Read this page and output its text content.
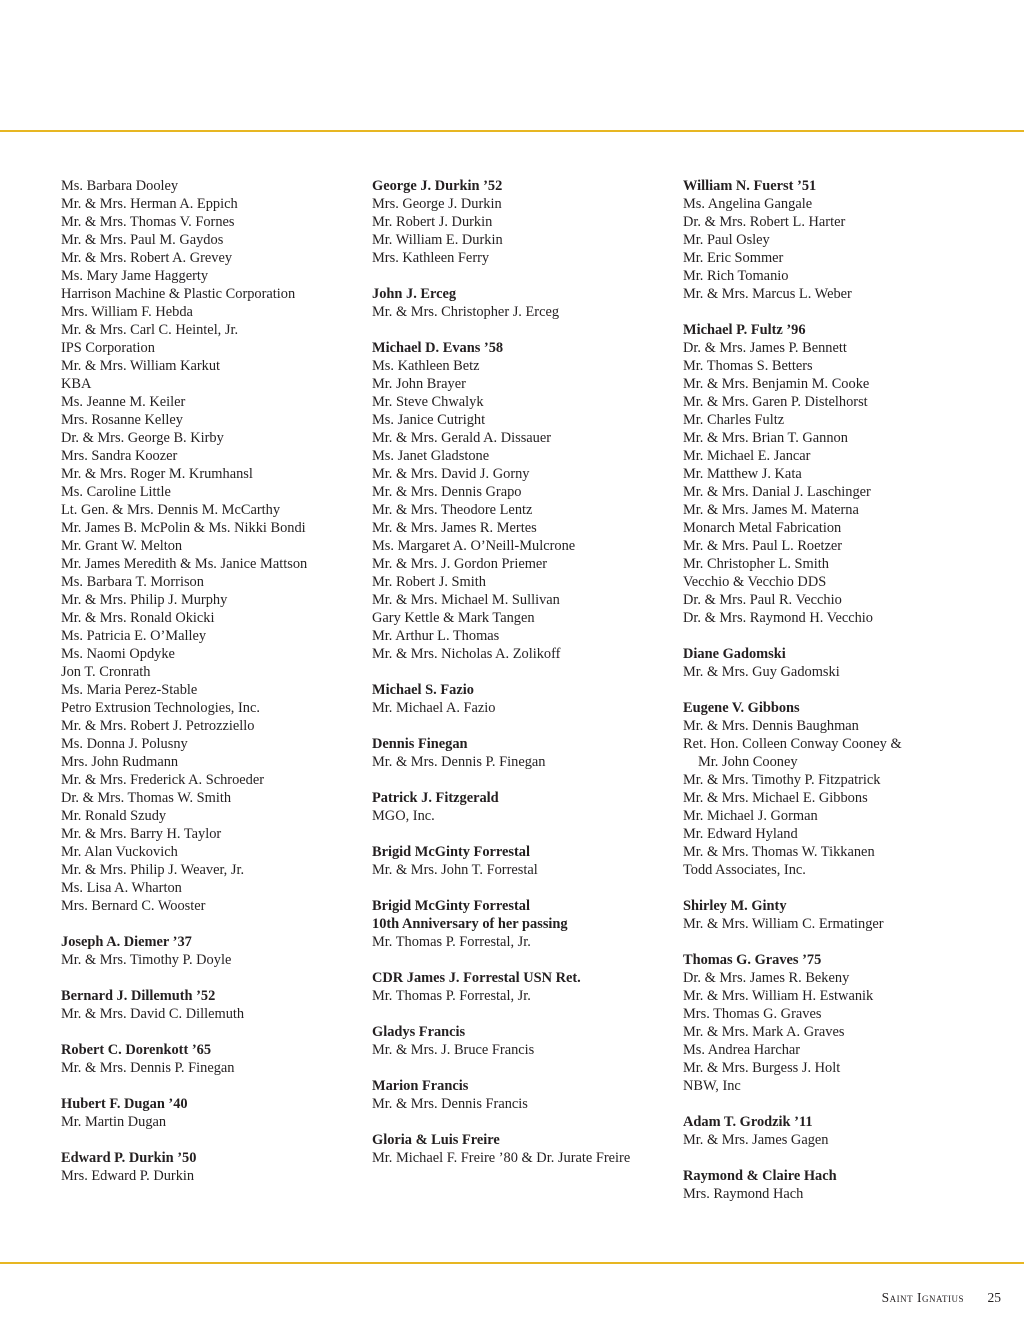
Ms. Barbara Dooley
Mr. & Mrs. Herman A. Eppich
Mr. & Mrs. Thomas V. Fornes
Mr. & Mrs. Paul M. Gaydos
Mr. & Mrs. Robert A. Grevey
Ms. Mary Jame Haggerty
Harrison Machine & Plastic Corporation
Mrs. William F. Hebda
Mr. & Mrs. Carl C. Heintel, Jr.
IPS Corporation
Mr. & Mrs. William Karkut
KBA
Ms. Jeanne M. Keiler
Mrs. Rosanne Kelley
Dr. & Mrs. George B. Kirby
Mrs. Sandra Koozer
Mr. & Mrs. Roger M. Krumhansl
Ms. Caroline Little
Lt. Gen. & Mrs. Dennis M. McCarthy
Mr. James B. McPolin & Ms. Nikki Bondi
Mr. Grant W. Melton
Mr. James Meredith & Ms. Janice Mattson
Ms. Barbara T. Morrison
Mr. & Mrs. Philip J. Murphy
Mr. & Mrs. Ronald Okicki
Ms. Patricia E. O’Malley
Ms. Naomi Opdyke
Jon T. Cronrath
Ms. Maria Perez-Stable
Petro Extrusion Technologies, Inc.
Mr. & Mrs. Robert J. Petrozziello
Ms. Donna J. Polusny
Mrs. John Rudmann
Mr. & Mrs. Frederick A. Schroeder
Dr. & Mrs. Thomas W. Smith
Mr. Ronald Szudy
Mr. & Mrs. Barry H. Taylor
Mr. Alan Vuckovich
Mr. & Mrs. Philip J. Weaver, Jr.
Ms. Lisa A. Wharton
Mrs. Bernard C. Wooster
Joseph A. Diemer ’37
Mr. & Mrs. Timothy P. Doyle
Bernard J. Dillemuth ’52
Mr. & Mrs. David C. Dillemuth
Robert C. Dorenkott ’65
Mr. & Mrs. Dennis P. Finegan
Hubert F. Dugan ’40
Mr. Martin Dugan
Edward P. Durkin ’50
Mrs. Edward P. Durkin
George J. Durkin ’52
Mrs. George J. Durkin
Mr. Robert J. Durkin
Mr. William E. Durkin
Mrs. Kathleen Ferry
John J. Erceg
Mr. & Mrs. Christopher J. Erceg
Michael D. Evans ’58
Ms. Kathleen Betz
Mr. John Brayer
Mr. Steve Chwalyk
Ms. Janice Cutright
Mr. & Mrs. Gerald A. Dissauer
Ms. Janet Gladstone
Mr. & Mrs. David J. Gorny
Mr. & Mrs. Dennis Grapo
Mr. & Mrs. Theodore Lentz
Mr. & Mrs. James R. Mertes
Ms. Margaret A. O’Neill-Mulcrone
Mr. & Mrs. J. Gordon Priemer
Mr. Robert J. Smith
Mr. & Mrs. Michael M. Sullivan
Gary Kettle & Mark Tangen
Mr. Arthur L. Thomas
Mr. & Mrs. Nicholas A. Zolikoff
Michael S. Fazio
Mr. Michael A. Fazio
Dennis Finegan
Mr. & Mrs. Dennis P. Finegan
Patrick J. Fitzgerald
MGO, Inc.
Brigid McGinty Forrestal
Mr. & Mrs. John T. Forrestal
Brigid McGinty Forrestal
10th Anniversary of her passing
Mr. Thomas P. Forrestal, Jr.
CDR James J. Forrestal USN Ret.
Mr. Thomas P. Forrestal, Jr.
Gladys Francis
Mr. & Mrs. J. Bruce Francis
Marion Francis
Mr. & Mrs. Dennis Francis
Gloria & Luis Freire
Mr. Michael F. Freire ’80 & Dr. Jurate Freire
William N. Fuerst ’51
Ms. Angelina Gangale
Dr. & Mrs. Robert L. Harter
Mr. Paul Osley
Mr. Eric Sommer
Mr. Rich Tomanio
Mr. & Mrs. Marcus L. Weber
Michael P. Fultz ’96
Dr. & Mrs. James P. Bennett
Mr. Thomas S. Betters
Mr. & Mrs. Benjamin M. Cooke
Mr. & Mrs. Garen P. Distelhorst
Mr. Charles Fultz
Mr. & Mrs. Brian T. Gannon
Mr. Michael E. Jancar
Mr. Matthew J. Kata
Mr. & Mrs. Danial J. Laschinger
Mr. & Mrs. James M. Materna
Monarch Metal Fabrication
Mr. & Mrs. Paul L. Roetzer
Mr. Christopher L. Smith
Vecchio & Vecchio DDS
Dr. & Mrs. Paul R. Vecchio
Dr. & Mrs. Raymond H. Vecchio
Diane Gadomski
Mr. & Mrs. Guy Gadomski
Eugene V. Gibbons
Mr. & Mrs. Dennis Baughman
Ret. Hon. Colleen Conway Cooney &
Mr. John Cooney
Mr. & Mrs. Timothy P. Fitzpatrick
Mr. & Mrs. Michael E. Gibbons
Mr. Michael J. Gorman
Mr. Edward Hyland
Mr. & Mrs. Thomas W. Tikkanen
Todd Associates, Inc.
Shirley M. Ginty
Mr. & Mrs. William C. Ermatinger
Thomas G. Graves ’75
Dr. & Mrs. James R. Bekeny
Mr. & Mrs. William H. Estwanik
Mrs. Thomas G. Graves
Mr. & Mrs. Mark A. Graves
Ms. Andrea Harchar
Mr. & Mrs. Burgess J. Holt
NBW, Inc
Adam T. Grodzik ’11
Mr. & Mrs. James Gagen
Raymond & Claire Hach
Mrs. Raymond Hach
Saint Ignatius 25
